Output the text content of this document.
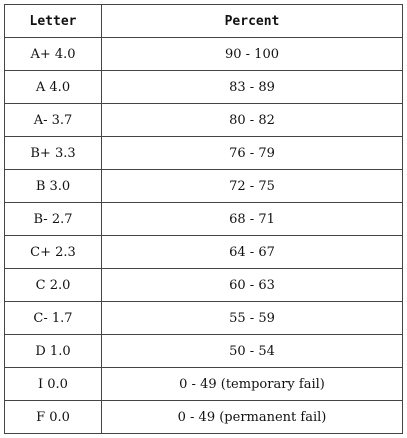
Letter	Percent
A+ 4.0	90 - 100
A 4.0	83 - 89
A- 3.7	80 - 82
B+ 3.3	76 - 79
B 3.0	72 - 75
B- 2.7	68 - 71
C+ 2.3	64 - 67
C 2.0	60 - 63
C- 1.7	55 - 59
D 1.0	50 - 54
I 0.0	0 - 49 (temporary fail)
F 0.0	0 - 49 (permanent fail)
